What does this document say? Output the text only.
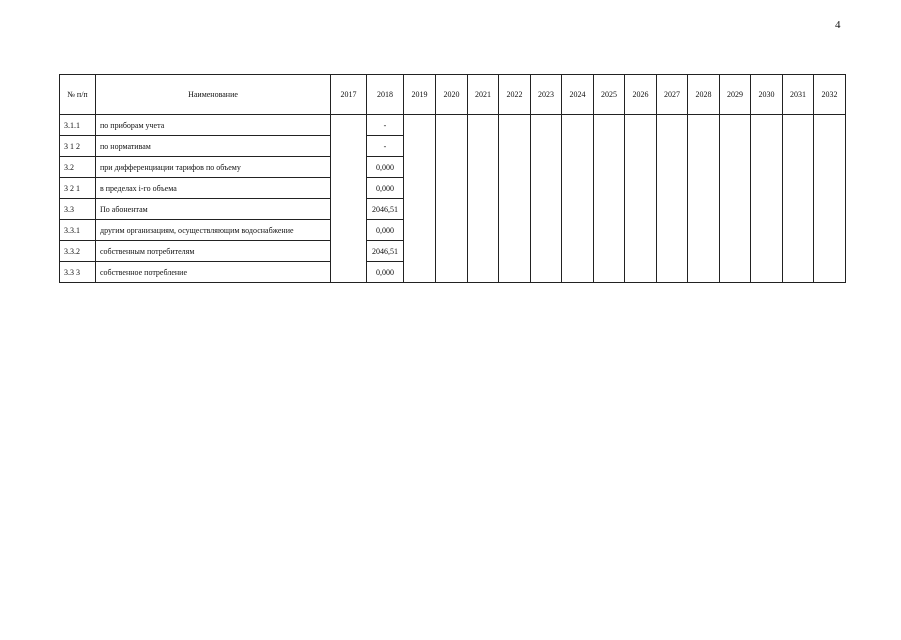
4
№ п/п	Наименование	2017	2018	2019	2020	2021	2022	2023	2024	2025	2026	2027	2028	2029	2030	2031	2032
3.1.1	по приборам учета		-														
3 1 2	по нормативам		-														
3.2	при дифференциации тарифов по объему		0,000														
3 2 1	в пределах i-го объема		0,000														
3.3	По абонентам		2046,51														
3.3.1	другим организациям, осуществляющим водоснабжение		0,000														
3.3.2	собственным потребителям		2046,51														
3.3 3	собственное потребление		0,000														
